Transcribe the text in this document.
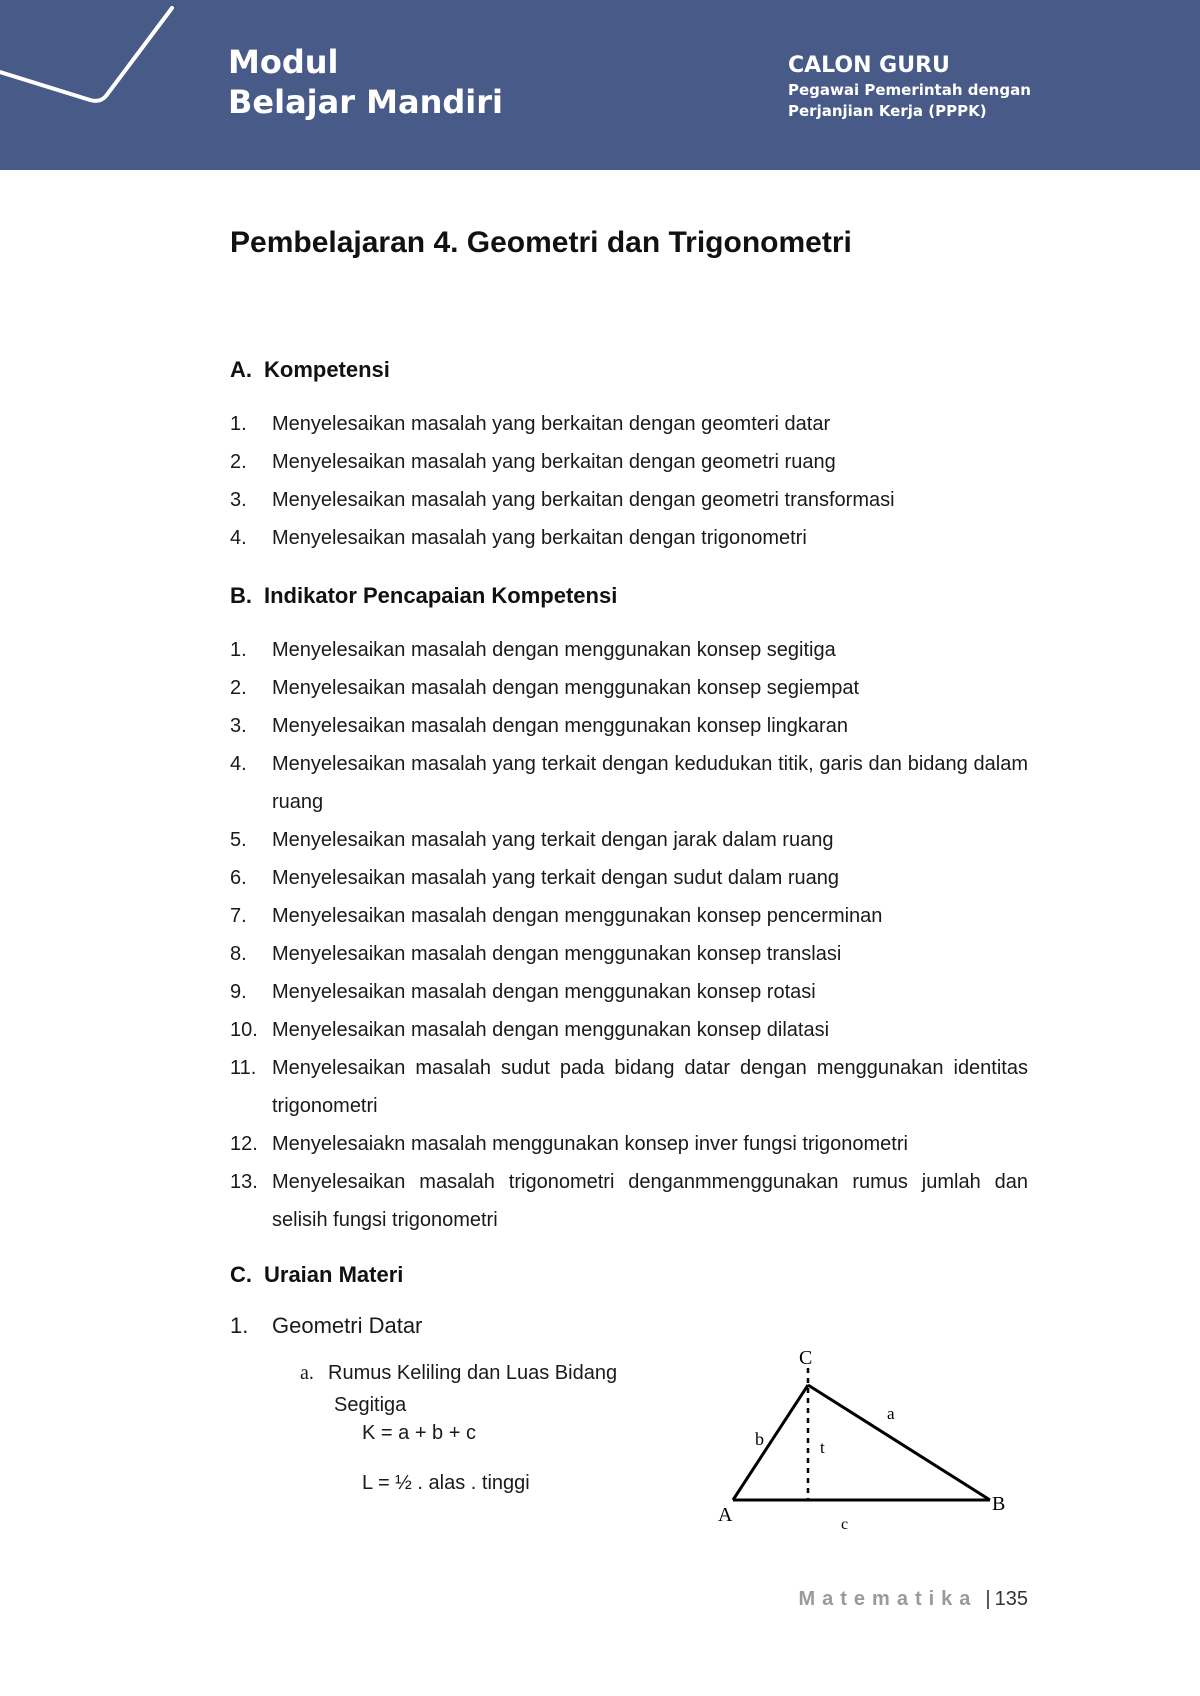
Modul
Belajar Mandiri
CALON GURU
Pegawai Pemerintah dengan
Perjanjian Kerja (PPPK)
Pembelajaran 4. Geometri dan Trigonometri
A. Kompetensi
1. Menyelesaikan masalah yang berkaitan dengan geomteri datar
2. Menyelesaikan masalah yang berkaitan dengan geometri ruang
3. Menyelesaikan masalah yang berkaitan dengan geometri transformasi
4. Menyelesaikan masalah yang berkaitan dengan trigonometri
B. Indikator Pencapaian Kompetensi
1. Menyelesaikan masalah dengan menggunakan konsep segitiga
2. Menyelesaikan masalah dengan menggunakan konsep segiempat
3. Menyelesaikan masalah dengan menggunakan konsep lingkaran
4. Menyelesaikan masalah yang terkait dengan kedudukan titik, garis dan bidang dalam ruang
5. Menyelesaikan masalah yang terkait dengan jarak dalam ruang
6. Menyelesaikan masalah yang terkait dengan sudut dalam ruang
7. Menyelesaikan masalah dengan menggunakan konsep pencerminan
8. Menyelesaikan masalah dengan menggunakan konsep translasi
9. Menyelesaikan masalah dengan menggunakan konsep rotasi
10. Menyelesaikan masalah dengan menggunakan konsep dilatasi
11. Menyelesaikan masalah sudut pada bidang datar dengan menggunakan identitas trigonometri
12. Menyelesaiakn masalah menggunakan konsep inver fungsi trigonometri
13. Menyelesaikan masalah trigonometri denganmmenggunakan rumus jumlah dan selisih fungsi trigonometri
C. Uraian Materi
1. Geometri Datar
a. Rumus Keliling dan Luas Bidang
Segitiga
K = a + b + c
L = ½ . alas . tinggi
C
A	B
a
b
c
t
Matematika | 135
